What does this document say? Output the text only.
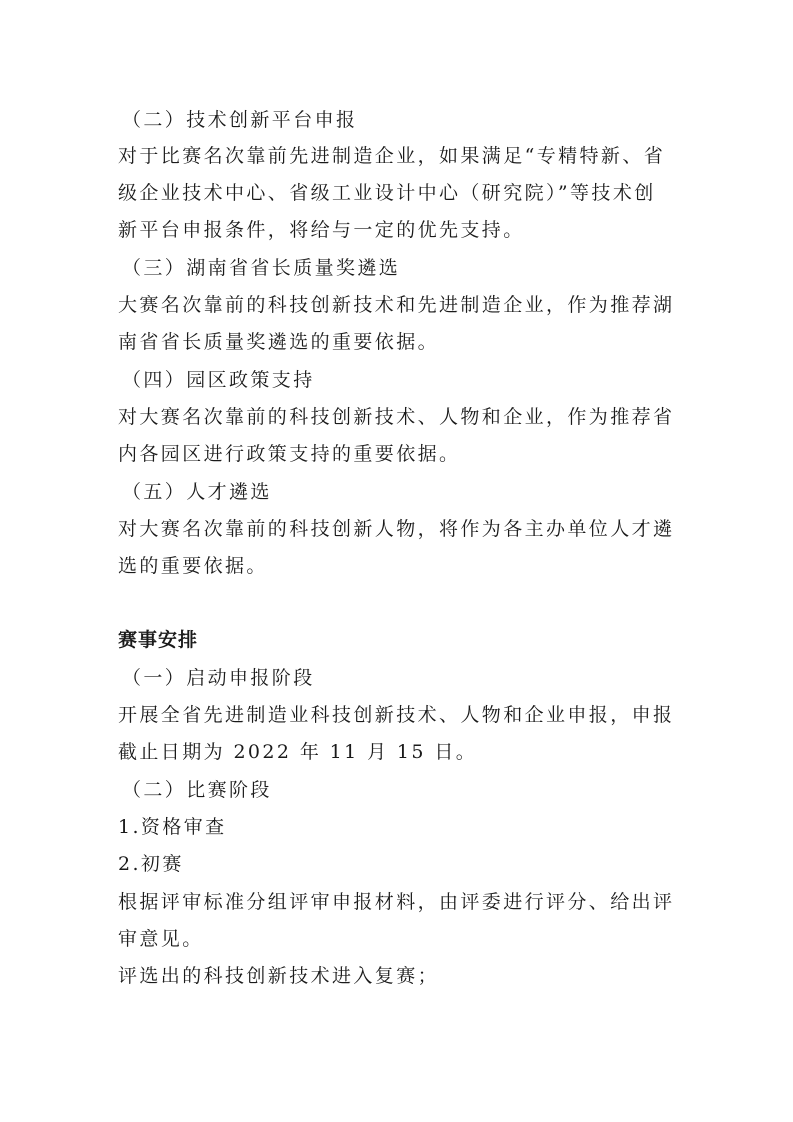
（二）技术创新平台申报
对于比赛名次靠前先进制造企业，如果满足“专精特新、省
级企业技术中心、省级工业设计中心（研究院）”等技术创
新平台申报条件，将给与一定的优先支持。
（三）湖南省省长质量奖遴选
大赛名次靠前的科技创新技术和先进制造企业，作为推荐湖
南省省长质量奖遴选的重要依据。
（四）园区政策支持
对大赛名次靠前的科技创新技术、人物和企业，作为推荐省
内各园区进行政策支持的重要依据。
（五）人才遴选
对大赛名次靠前的科技创新人物，将作为各主办单位人才遴
选的重要依据。
赛事安排
（一）启动申报阶段
开展全省先进制造业科技创新技术、人物和企业申报，申报
截止日期为 2022 年 11 月 15 日。
（二）比赛阶段
1.资格审查
2.初赛
根据评审标准分组评审申报材料，由评委进行评分、给出评
审意见。
评选出的科技创新技术进入复赛；
